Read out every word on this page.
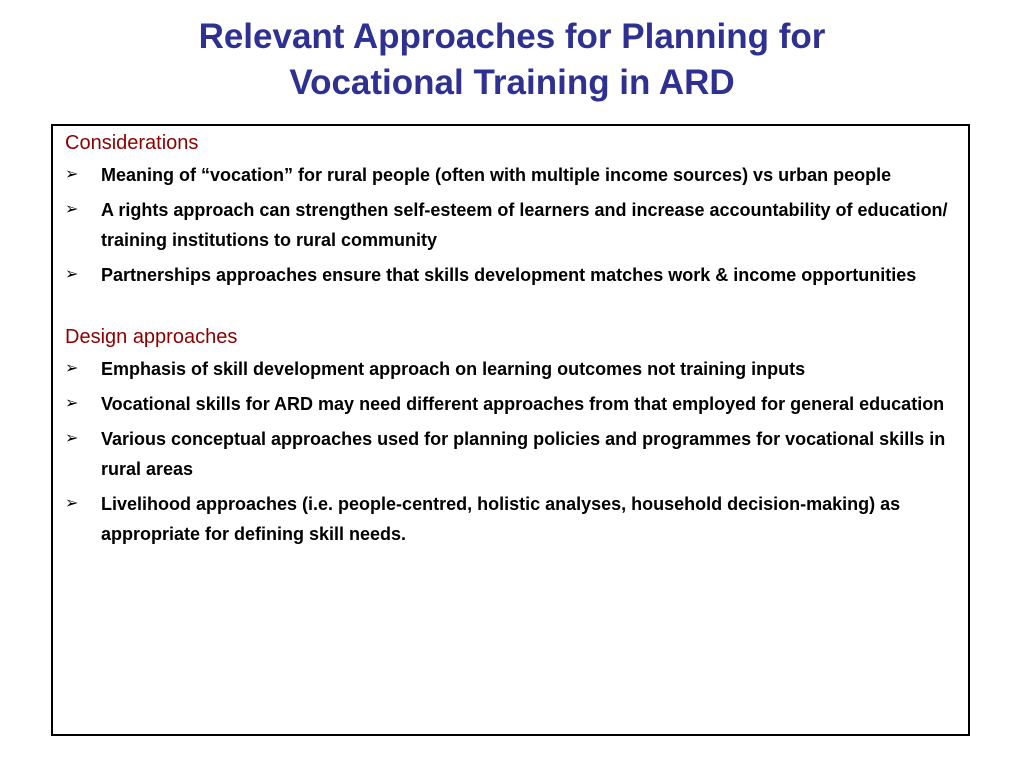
Relevant Approaches for Planning for
Vocational Training in ARD
Considerations
➢ Meaning of “vocation” for rural people (often with multiple income sources) vs urban people
➢ A rights approach can strengthen self-esteem of learners and increase accountability of education/ training institutions to rural community
➢ Partnerships approaches ensure that skills development matches work & income opportunities
Design approaches
➢ Emphasis of skill development approach on learning outcomes not training inputs
➢ Vocational skills for ARD may need different approaches from that employed for general education
➢ Various conceptual approaches used for planning policies and programmes for vocational skills in rural areas
➢ Livelihood approaches (i.e. people-centred, holistic analyses, household decision-making) as appropriate for defining skill needs.
